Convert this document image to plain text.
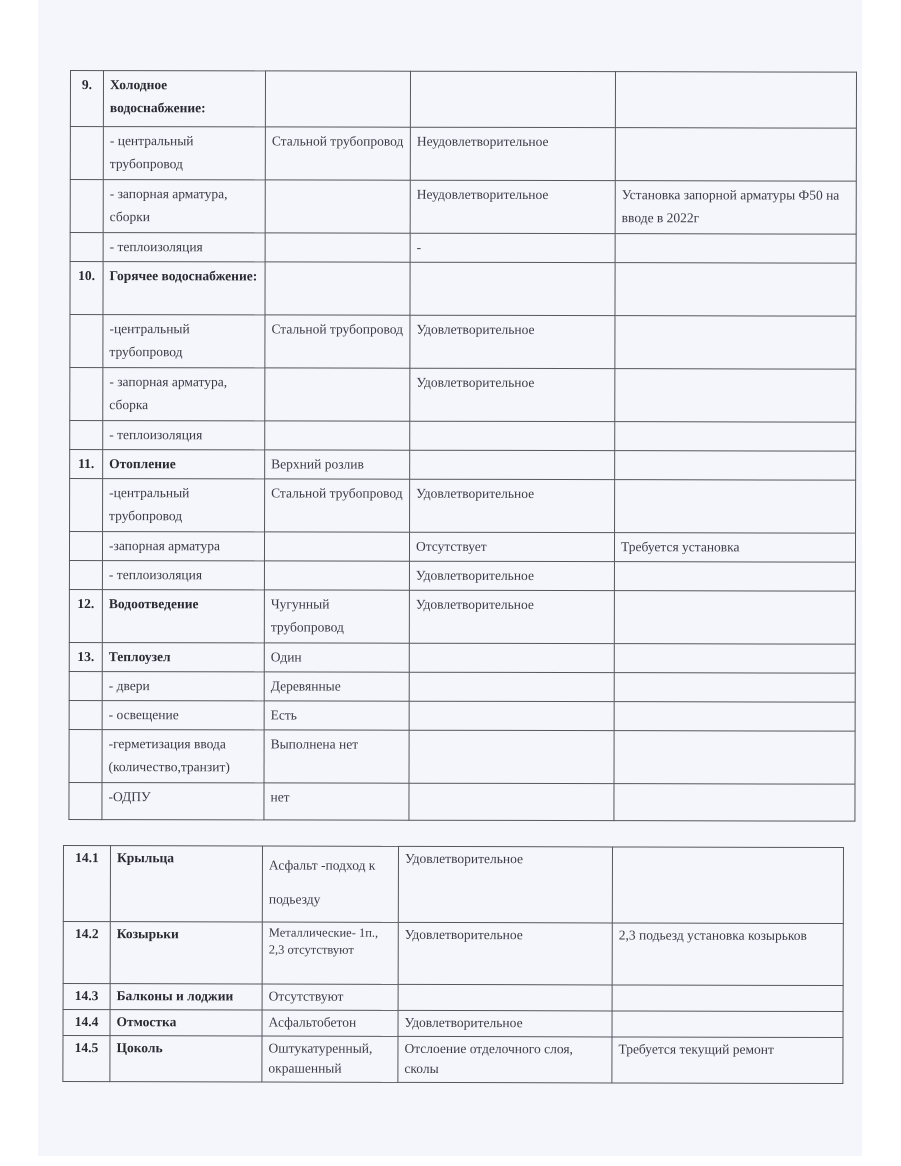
9.	Холодное водоснабжение:			
	- центральный трубопровод	Стальной трубопровод	Неудовлетворительное	
	- запорная арматура, сборки		Неудовлетворительное	Установка запорной арматуры Ф50 на вводе в 2022г
	- теплоизоляция		-	
10.	Горячее водоснабжение:			
	-центральный трубопровод	Стальной трубопровод	Удовлетворительное	
	- запорная арматура, сборка		Удовлетворительное	
	- теплоизоляция			
11.	Отопление	Верхний розлив		
	-центральный трубопровод	Стальной трубопровод	Удовлетворительное	
	-запорная арматура		Отсутствует	Требуется установка
	- теплоизоляция		Удовлетворительное	
12.	Водоотведение	Чугунный трубопровод	Удовлетворительное	
13.	Теплоузел	Один		
	- двери	Деревянные		
	- освещение	Есть		
	-герметизация ввода (количество,транзит)	Выполнена нет		
	-ОДПУ	нет		
14.1	Крыльца	Асфальт -подход к подьезду	Удовлетворительное	
14.2	Козырьки	Металлические- 1п., 2,3 отсутствуют	Удовлетворительное	2,3 подьезд установка козырьков
14.3	Балконы и лоджии	Отсутствуют		
14.4	Отмостка	Асфальтобетон	Удовлетворительное	
14.5	Цоколь	Оштукатуренный, окрашенный	Отслоение отделочного слоя, сколы	Требуется текущий ремонт
